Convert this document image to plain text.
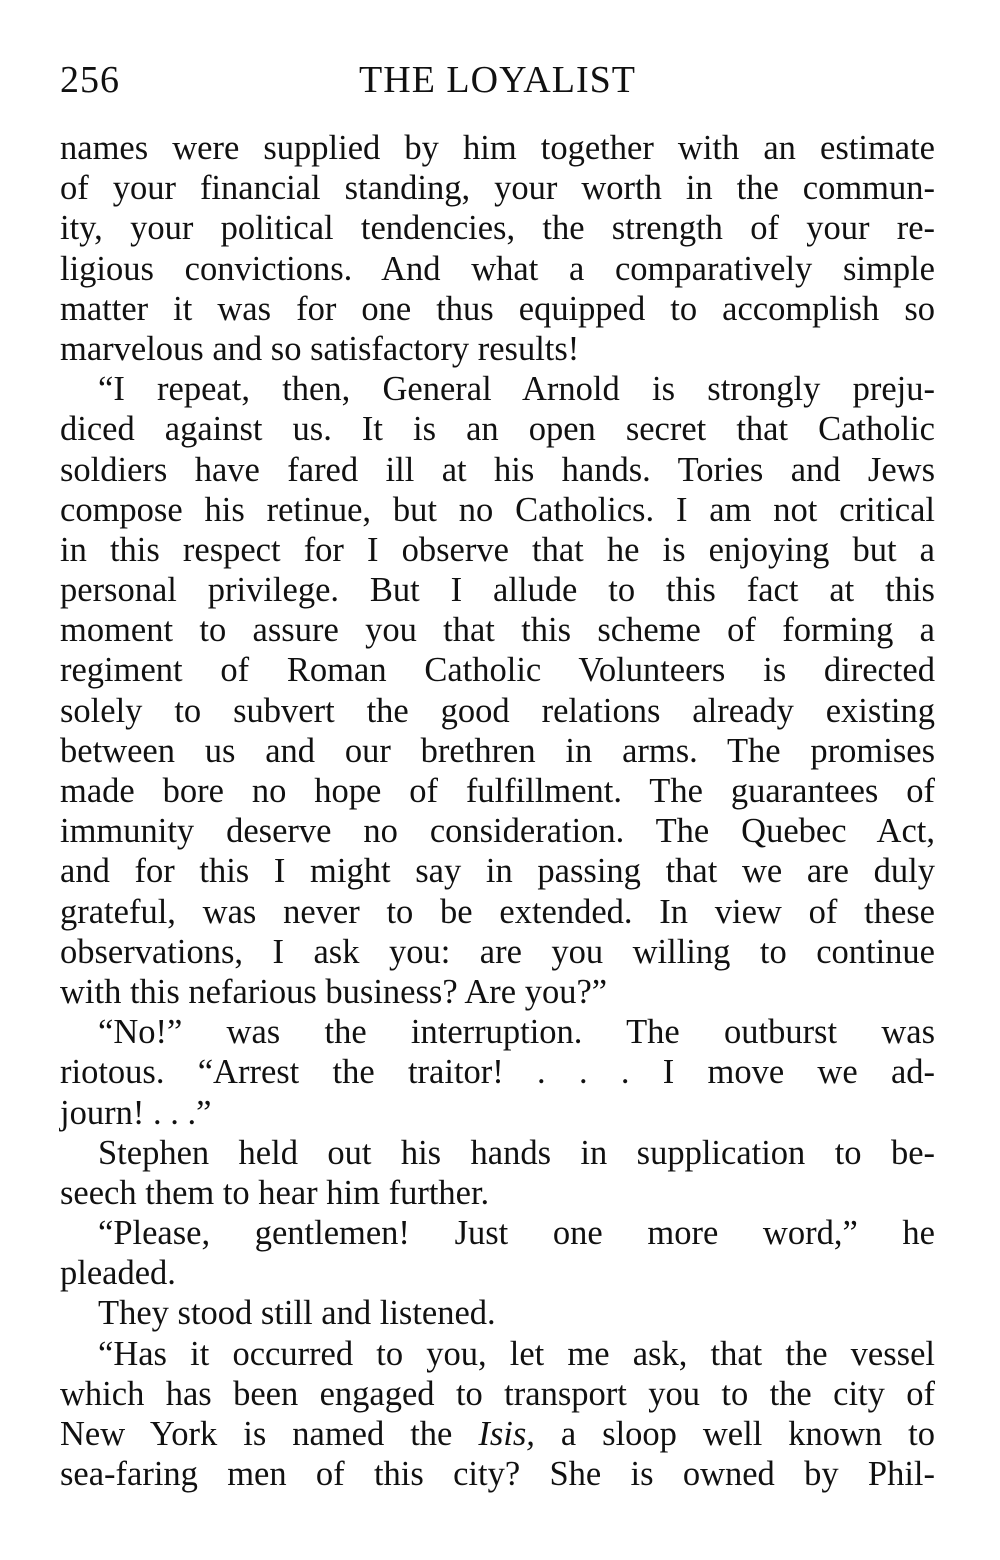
256	THE LOYALIST
names were supplied by him together with an estimate
of your financial standing, your worth in the commun-
ity, your political tendencies, the strength of your re-
ligious convictions. And what a comparatively simple
matter it was for one thus equipped to accomplish so
marvelous and so satisfactory results!
“I repeat, then, General Arnold is strongly preju-
diced against us. It is an open secret that Catholic
soldiers have fared ill at his hands. Tories and Jews
compose his retinue, but no Catholics. I am not critical
in this respect for I observe that he is enjoying but a
personal privilege. But I allude to this fact at this
moment to assure you that this scheme of forming a
regiment of Roman Catholic Volunteers is directed
solely to subvert the good relations already existing
between us and our brethren in arms. The promises
made bore no hope of fulfillment. The guarantees of
immunity deserve no consideration. The Quebec Act,
and for this I might say in passing that we are duly
grateful, was never to be extended. In view of these
observations, I ask you: are you willing to continue
with this nefarious business? Are you?”
“No!” was the interruption. The outburst was
riotous. “Arrest the traitor! . . . I move we ad-
journ! . . .”
Stephen held out his hands in supplication to be-
seech them to hear him further.
“Please, gentlemen! Just one more word,” he
pleaded.
They stood still and listened.
“Has it occurred to you, let me ask, that the vessel
which has been engaged to transport you to the city of
New York is named the Isis, a sloop well known to
sea-faring men of this city? She is owned by Phil-
